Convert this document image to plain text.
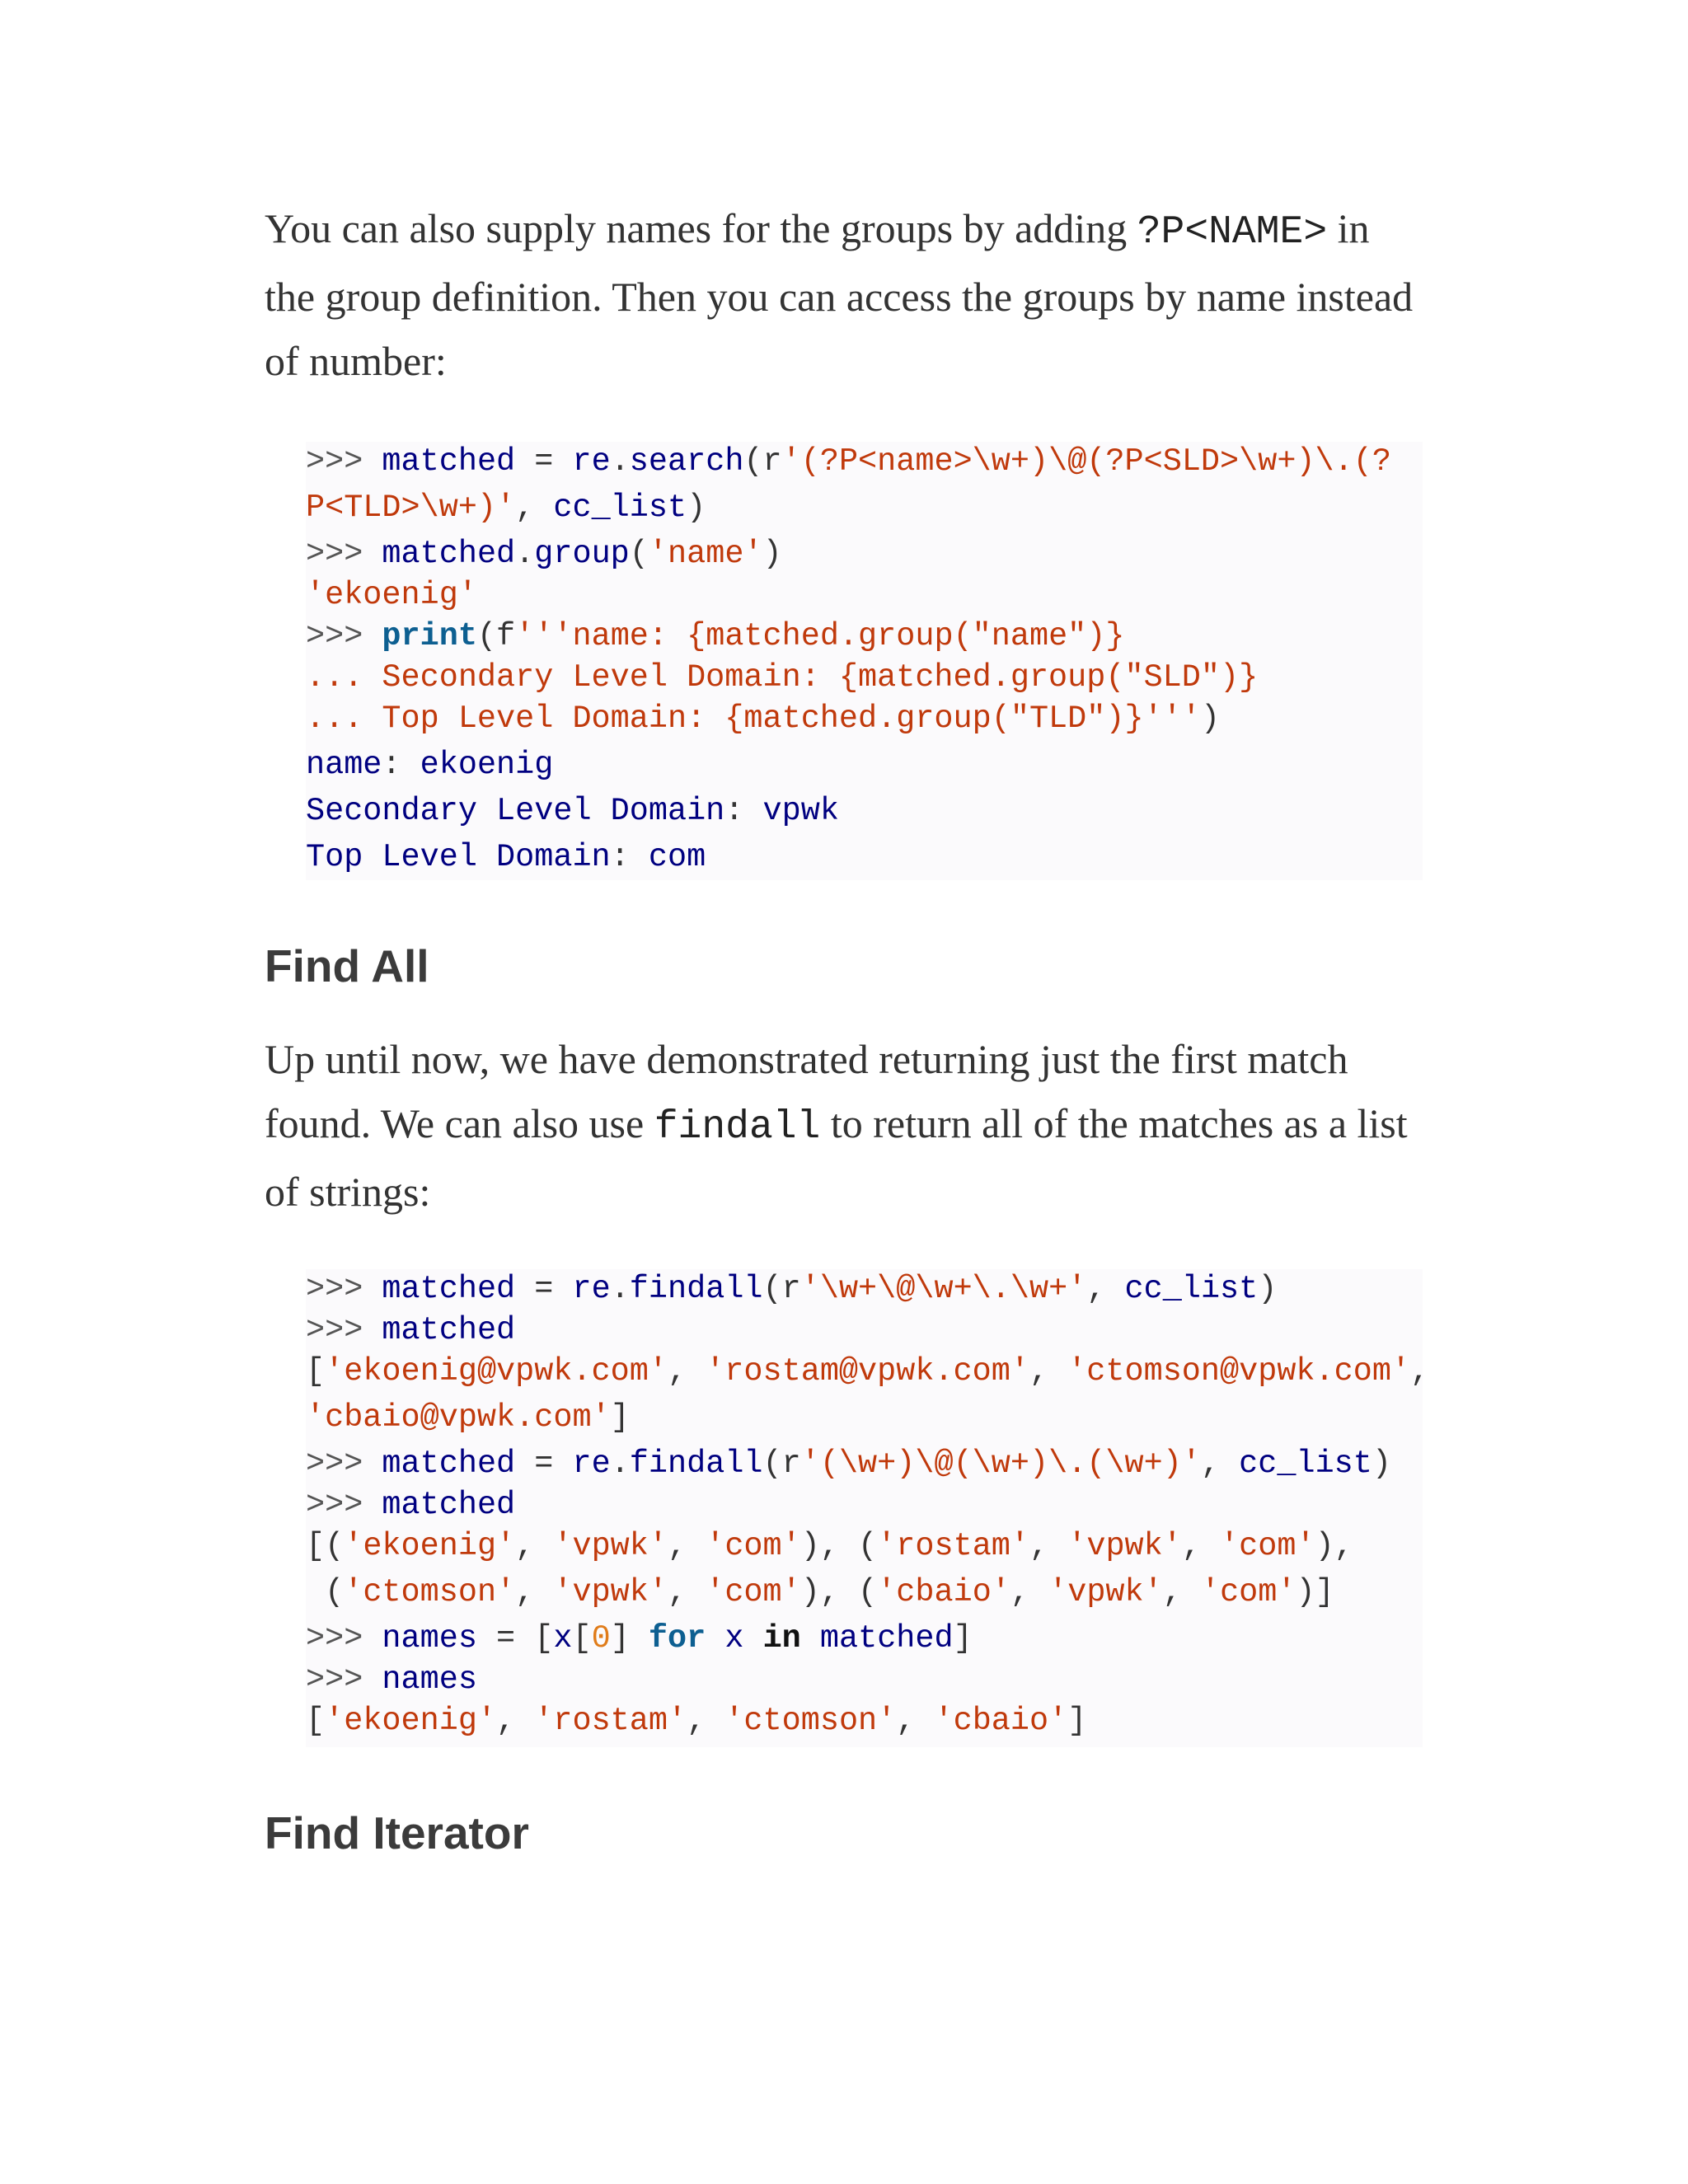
You can also supply names for the groups by adding ?P<NAME> in
the group definition. Then you can access the groups by name instead
of number:

>>> matched = re.search(r'(?P<name>\w+)\@(?P<SLD>\w+)\.(?
P<TLD>\w+)', cc_list)
>>> matched.group('name')
'ekoenig'
>>> print(f'''name: {matched.group("name")}
... Secondary Level Domain: {matched.group("SLD")}
... Top Level Domain: {matched.group("TLD")}''')
name: ekoenig
Secondary Level Domain: vpwk
Top Level Domain: com
Find All

Up until now, we have demonstrated returning just the first match
found. We can also use findall to return all of the matches as a list
of strings:

>>> matched = re.findall(r'\w+\@\w+\.\w+', cc_list)
>>> matched
['ekoenig@vpwk.com', 'rostam@vpwk.com', 'ctomson@vpwk.com',
'cbaio@vpwk.com']
>>> matched = re.findall(r'(\w+)\@(\w+)\.(\w+)', cc_list)
>>> matched
[('ekoenig', 'vpwk', 'com'), ('rostam', 'vpwk', 'com'),
('ctomson', 'vpwk', 'com'), ('cbaio', 'vpwk', 'com')]
>>> names = [x[0] for x in matched]
>>> names
['ekoenig', 'rostam', 'ctomson', 'cbaio']
Find Iterator
